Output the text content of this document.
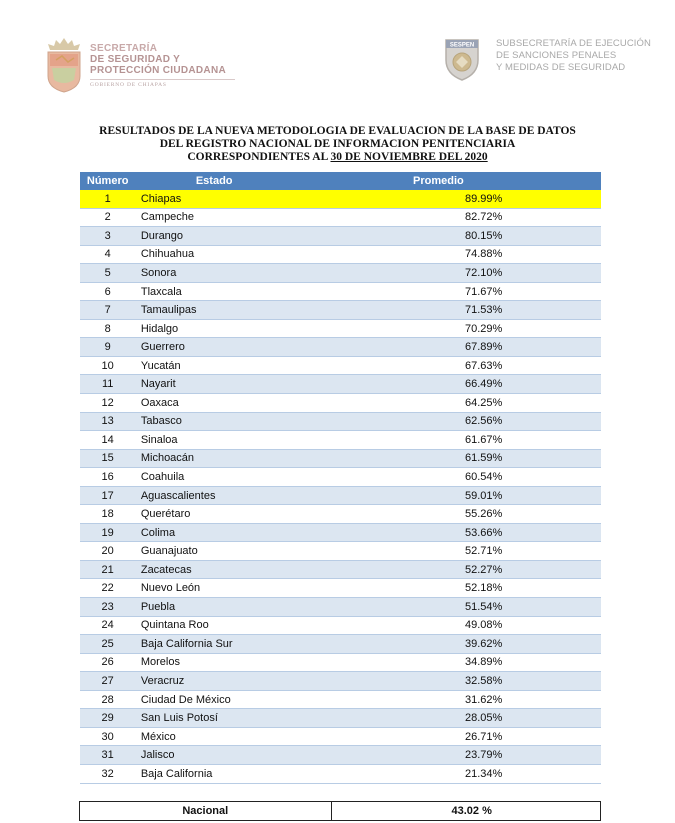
SECRETARÍA
DE SEGURIDAD Y
PROTECCIÓN CIUDADANA
GOBIERNO DE CHIAPAS
SESPEN SUBSECRETARÍA DE EJECUCIÓN
DE SANCIONES PENALES
Y MEDIDAS DE SEGURIDAD
RESULTADOS DE LA NUEVA METODOLOGIA DE EVALUACION DE LA BASE DE DATOS
DEL REGISTRO NACIONAL DE INFORMACION PENITENCIARIA
CORRESPONDIENTES AL 30 DE NOVIEMBRE DEL 2020
Número	Estado	Promedio
1	Chiapas	89.99%
2	Campeche	82.72%
3	Durango	80.15%
4	Chihuahua	74.88%
5	Sonora	72.10%
6	Tlaxcala	71.67%
7	Tamaulipas	71.53%
8	Hidalgo	70.29%
9	Guerrero	67.89%
10	Yucatán	67.63%
11	Nayarit	66.49%
12	Oaxaca	64.25%
13	Tabasco	62.56%
14	Sinaloa	61.67%
15	Michoacán	61.59%
16	Coahuila	60.54%
17	Aguascalientes	59.01%
18	Querétaro	55.26%
19	Colima	53.66%
20	Guanajuato	52.71%
21	Zacatecas	52.27%
22	Nuevo León	52.18%
23	Puebla	51.54%
24	Quintana Roo	49.08%
25	Baja California Sur	39.62%
26	Morelos	34.89%
27	Veracruz	32.58%
28	Ciudad De México	31.62%
29	San Luis Potosí	28.05%
30	México	26.71%
31	Jalisco	23.79%
32	Baja California	21.34%

Nacional		43.02 %
